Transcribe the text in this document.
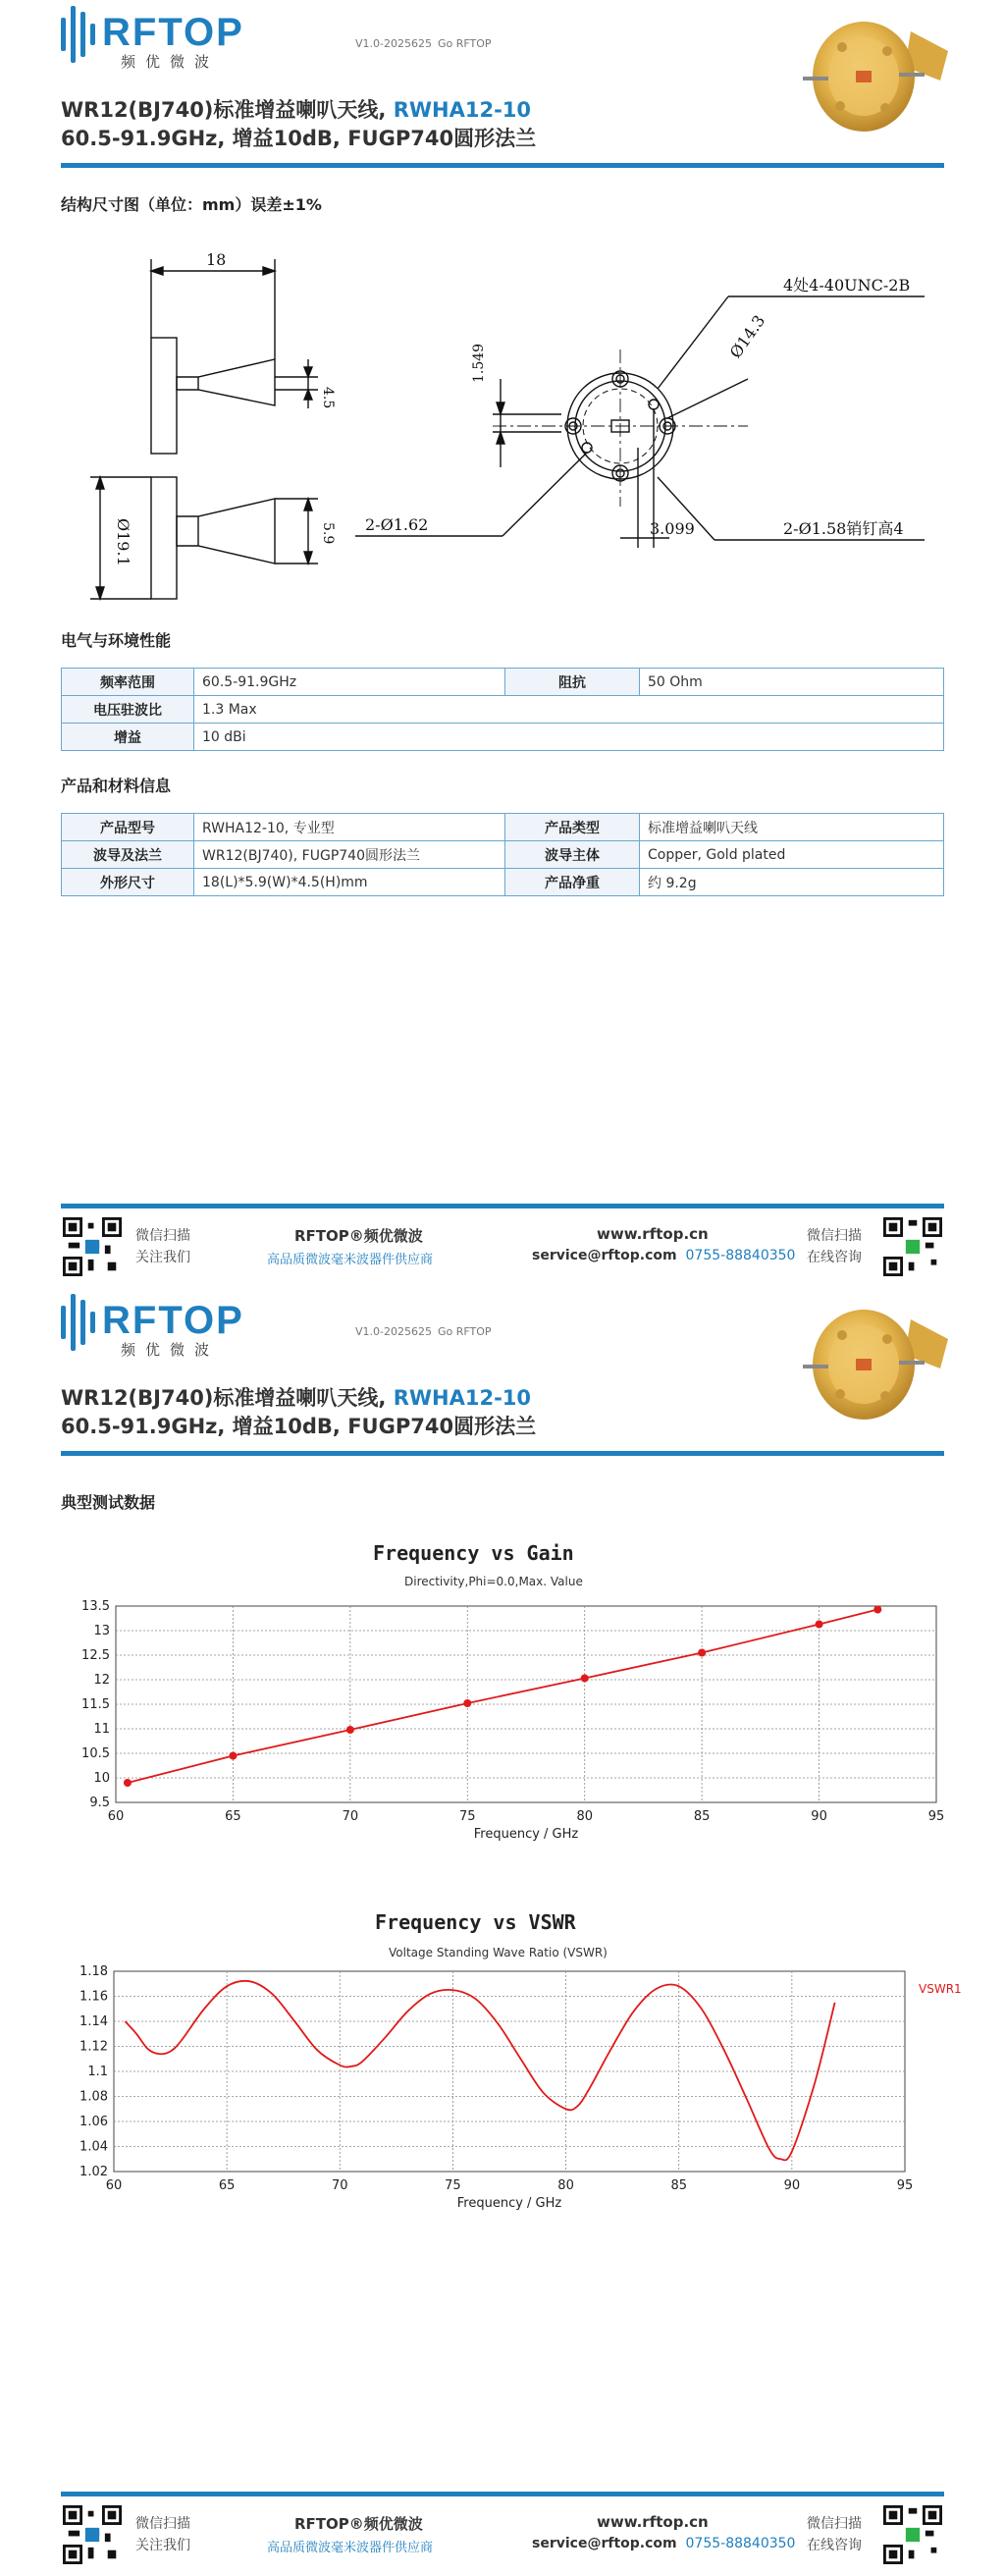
RFTOP
频优微波
V1.0-2025625 Go RFTOP
WR12(BJ740)标准增益喇叭天线, RWHA12-10
60.5-91.9GHz, 增益10dB, FUGP740圆形法兰
结构尺寸图（单位：mm）误差±1%
18
4.5
Ø19.1	5.9
4处4-40UNC-2B
Ø14.3
1.549
2-Ø1.62	3.099	2-Ø1.58销钉高4
电气与环境性能
频率范围	60.5-91.9GHz	阻抗	50 Ohm
电压驻波比	1.3 Max		
增益	10 dBi		
产品和材料信息
产品型号	RWHA12-10, 专业型	产品类型	标准增益喇叭天线
波导及法兰	WR12(BJ740), FUGP740圆形法兰	波导主体	Copper, Gold plated
外形尺寸	18(L)*5.9(W)*4.5(H)mm	产品净重	约 9.2g
微信扫描
关注我们
RFTOP®频优微波
高品质微波毫米波器件供应商
www.rftop.cn
service@rftop.com 0755-88840350
微信扫描
在线咨询
RFTOP
频优微波
V1.0-2025625 Go RFTOP
WR12(BJ740)标准增益喇叭天线, RWHA12-10
60.5-91.9GHz, 增益10dB, FUGP740圆形法兰
典型测试数据
Frequency vs Gain
Directivity,Phi=0.0,Max. Value
60	65	70	75	80	85	90	95
9.5
10
10.5
11
11.5
12
12.5
13
13.5
Frequency / GHz
Frequency vs VSWR
Voltage Standing Wave Ratio (VSWR)
60	65	70	75	80	85	90	95
1.02
1.04
1.06
1.08
1.1
1.12
1.14
1.16
1.18
Frequency / GHz
VSWR1
微信扫描
关注我们
RFTOP®频优微波
高品质微波毫米波器件供应商
www.rftop.cn
service@rftop.com 0755-88840350
微信扫描
在线咨询
